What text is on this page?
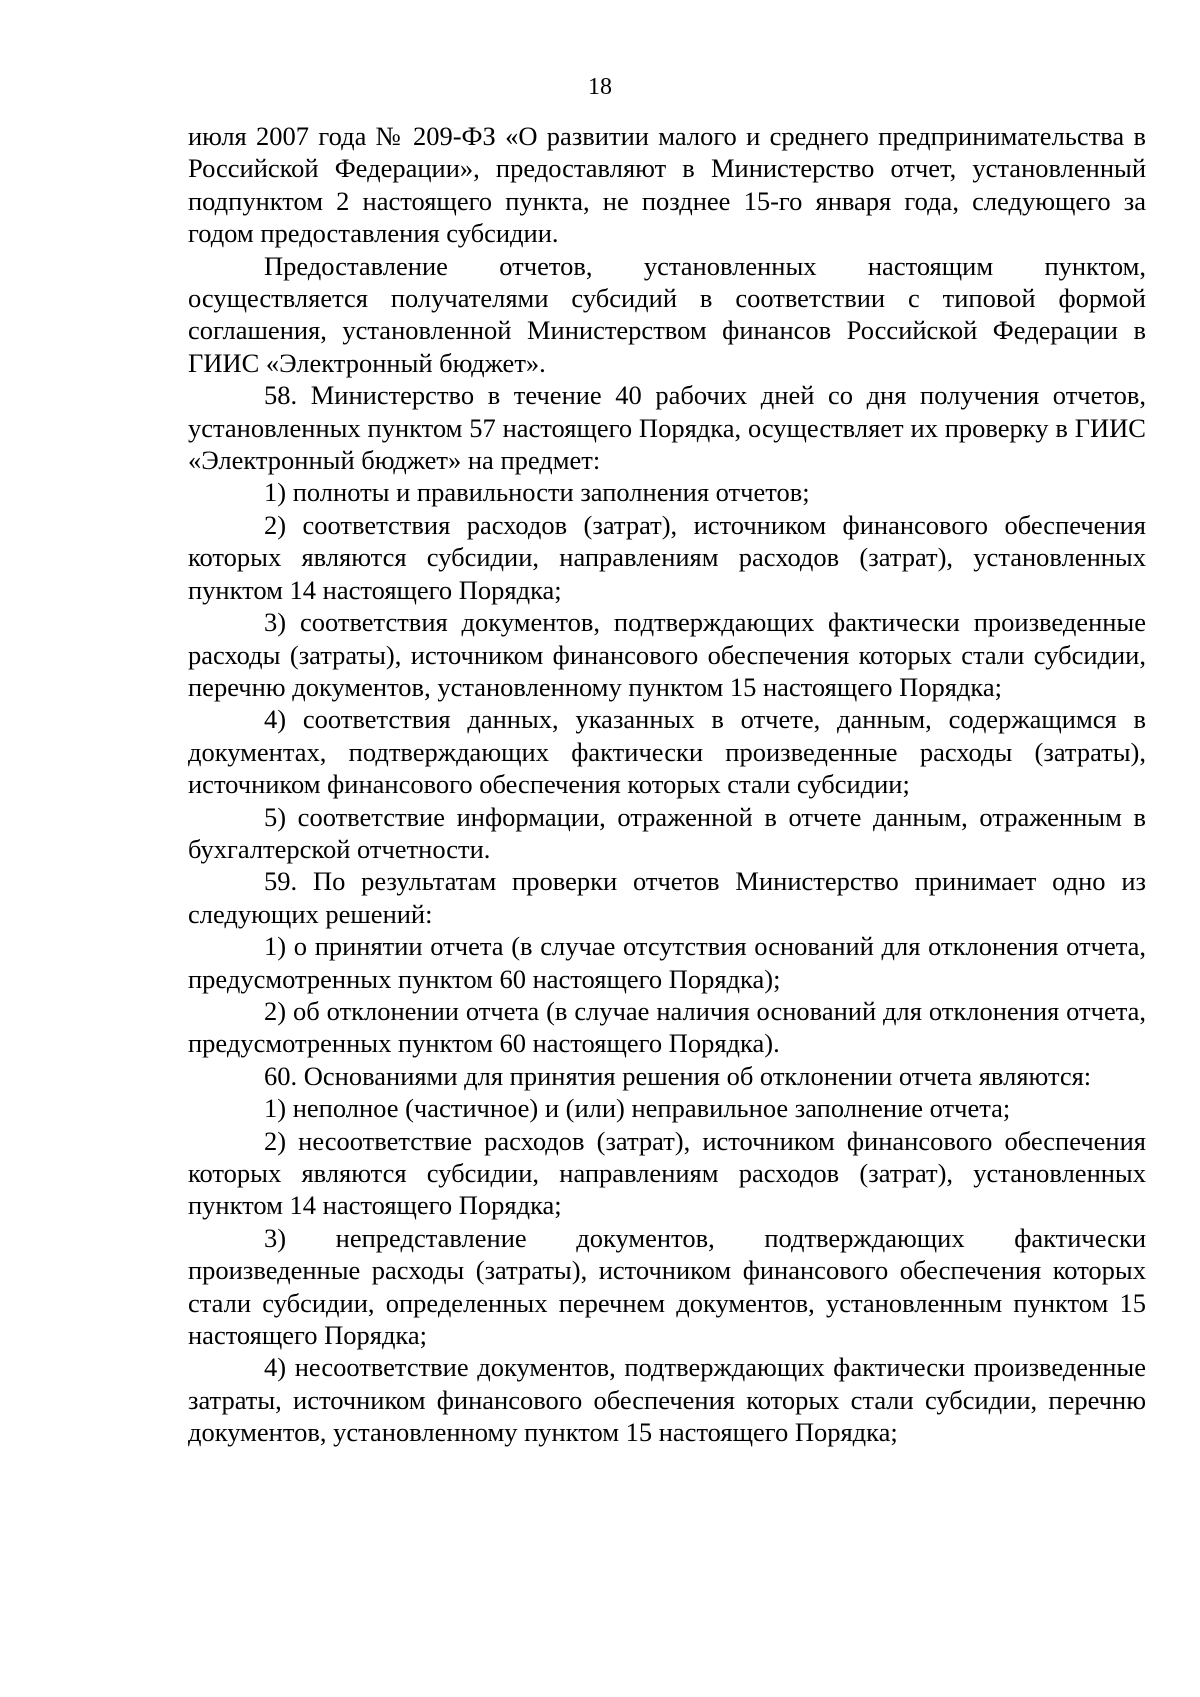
18

июля 2007 года № 209-ФЗ «О развитии малого и среднего предпринимательства в Российской Федерации», предоставляют в Министерство отчет, установленный подпунктом 2 настоящего пункта, не позднее 15-го января года, следующего за годом предоставления субсидии.

Предоставление отчетов, установленных настоящим пунктом, осуществляется получателями субсидий в соответствии с типовой формой соглашения, установленной Министерством финансов Российской Федерации в ГИИС «Электронный бюджет».

58. Министерство в течение 40 рабочих дней со дня получения отчетов, установленных пунктом 57 настоящего Порядка, осуществляет их проверку в ГИИС «Электронный бюджет» на предмет:

1) полноты и правильности заполнения отчетов;

2) соответствия расходов (затрат), источником финансового обеспечения которых являются субсидии, направлениям расходов (затрат), установленных пунктом 14 настоящего Порядка;

3) соответствия документов, подтверждающих фактически произведенные расходы (затраты), источником финансового обеспечения которых стали субсидии, перечню документов, установленному пунктом 15 настоящего Порядка;

4) соответствия данных, указанных в отчете, данным, содержащимся в документах, подтверждающих фактически произведенные расходы (затраты), источником финансового обеспечения которых стали субсидии;

5) соответствие информации, отраженной в отчете данным, отраженным в бухгалтерской отчетности.

59. По результатам проверки отчетов Министерство принимает одно из следующих решений:

1) о принятии отчета (в случае отсутствия оснований для отклонения отчета, предусмотренных пунктом 60 настоящего Порядка);

2) об отклонении отчета (в случае наличия оснований для отклонения отчета, предусмотренных пунктом 60 настоящего Порядка).

60. Основаниями для принятия решения об отклонении отчета являются:

1) неполное (частичное) и (или) неправильное заполнение отчета;

2) несоответствие расходов (затрат), источником финансового обеспечения которых являются субсидии, направлениям расходов (затрат), установленных пунктом 14 настоящего Порядка;

3) непредставление документов, подтверждающих фактически произведенные расходы (затраты), источником финансового обеспечения которых стали субсидии, определенных перечнем документов, установленным пунктом 15 настоящего Порядка;

4) несоответствие документов, подтверждающих фактически произведенные затраты, источником финансового обеспечения которых стали субсидии, перечню документов, установленному пунктом 15 настоящего Порядка;
